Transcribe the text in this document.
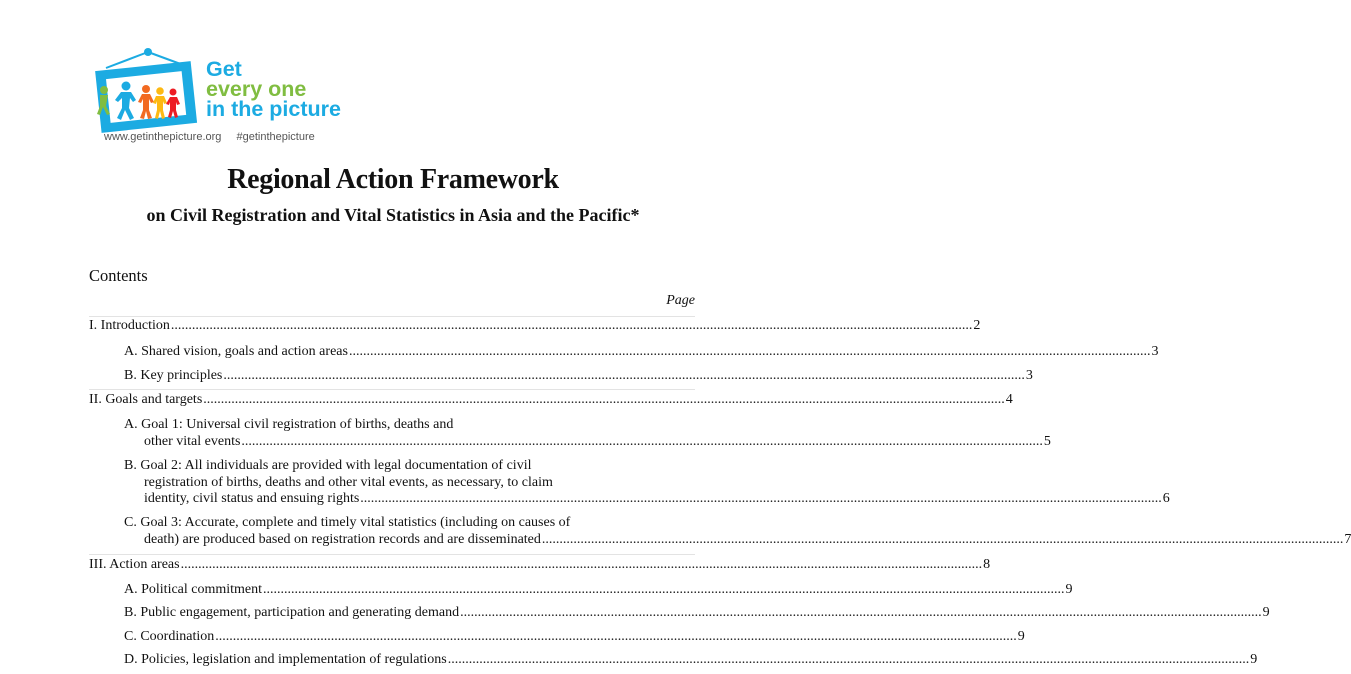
Get
every one
in the picture
www.getinthepicture.org #getinthepicture
Regional Action Framework
on Civil Registration and Vital Statistics in Asia and the Pacific*
Contents
Page
I. Introduction ..................................................................................................................................................................................................................................... 2
A. Shared vision, goals and action areas ..................................................................................................................................................................................................................................... 3
B. Key principles ..................................................................................................................................................................................................................................... 3
II. Goals and targets ..................................................................................................................................................................................................................................... 4
A. Goal 1: Universal civil registration of births, deaths and
other vital events ..................................................................................................................................................................................................................................... 5
B. Goal 2: All individuals are provided with legal documentation of civil
registration of births, deaths and other vital events, as necessary, to claim
identity, civil status and ensuing rights ..................................................................................................................................................................................................................................... 6
C. Goal 3: Accurate, complete and timely vital statistics (including on causes of
death) are produced based on registration records and are disseminated ..................................................................................................................................................................................................................................... 7
III. Action areas ..................................................................................................................................................................................................................................... 8
A. Political commitment ..................................................................................................................................................................................................................................... 9
B. Public engagement, participation and generating demand ..................................................................................................................................................................................................................................... 9
C. Coordination ..................................................................................................................................................................................................................................... 9
D. Policies, legislation and implementation of regulations ..................................................................................................................................................................................................................................... 9
